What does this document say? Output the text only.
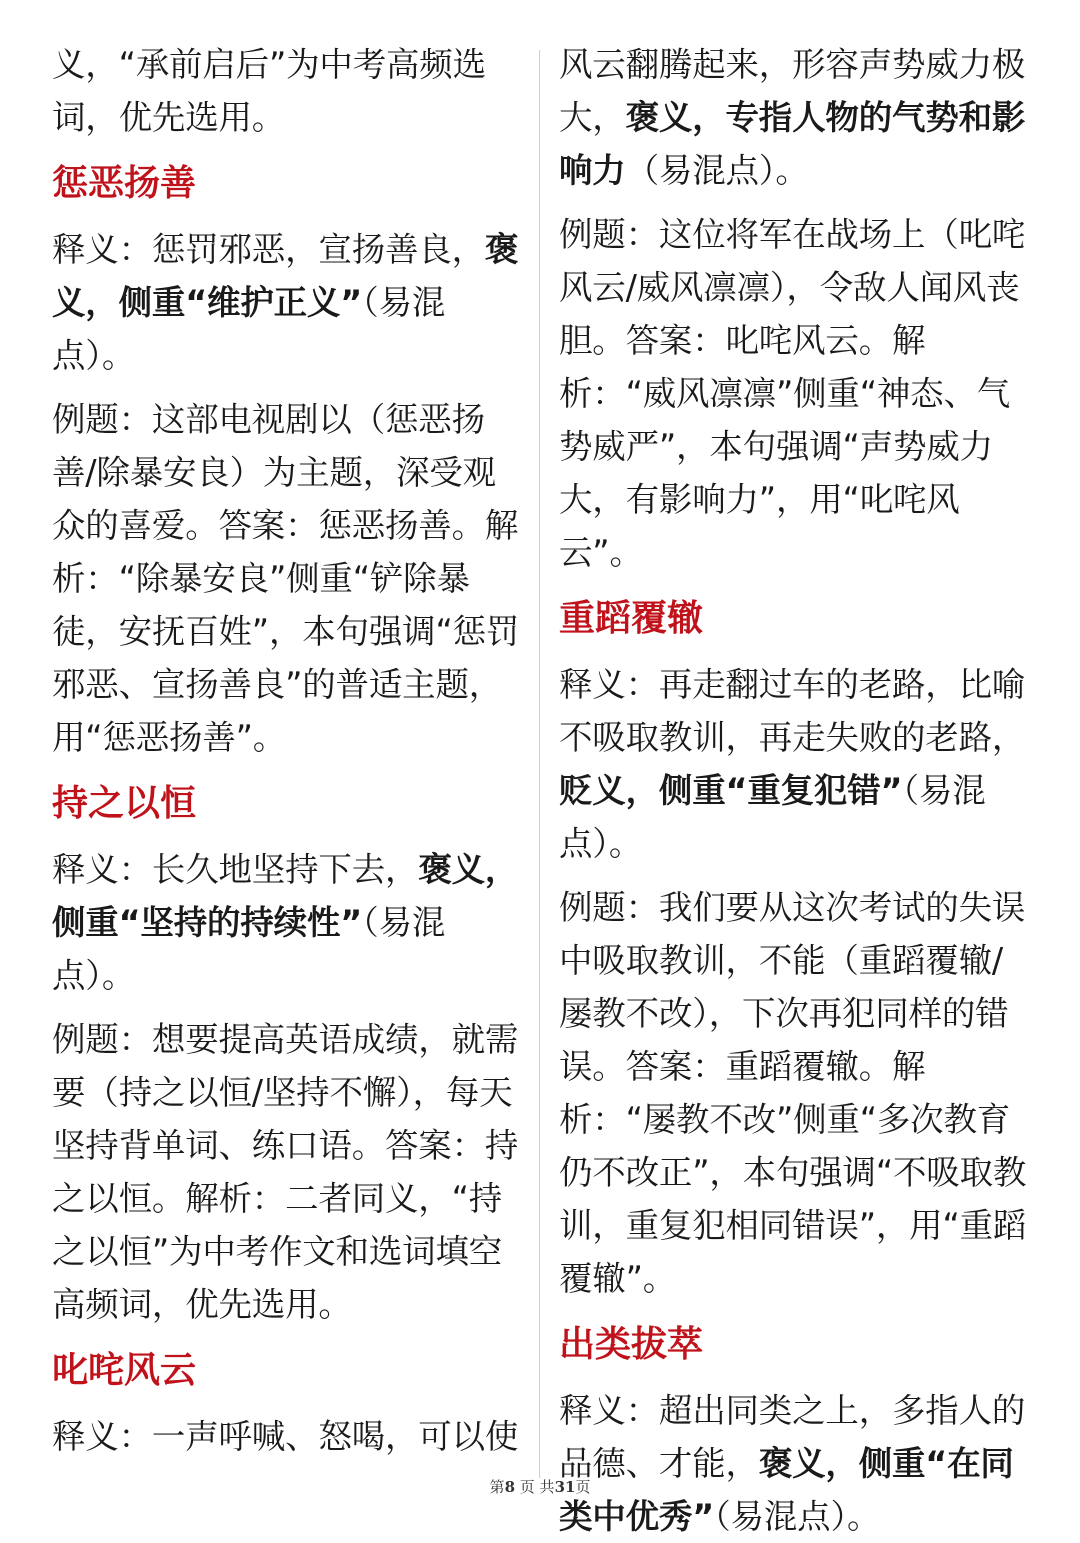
义，“承前启后”为中考高频选
词，优先选用。

惩恶扬善

释义：惩罚邪恶，宣扬善良，褒义，侧重“维护正义”（易混点）。

例题：这部电视剧以（惩恶扬善/除暴安良）为主题，深受观众的喜爱。答案：惩恶扬善。解析：“除暴安良”侧重“铲除暴徒，安抚百姓”，本句强调“惩罚邪恶、宣扬善良”的普适主题，用“惩恶扬善”。

持之以恒

释义：长久地坚持下去，褒义，侧重“坚持的持续性”（易混点）。

例题：想要提高英语成绩，就需要（持之以恒/坚持不懈），每天坚持背单词、练口语。答案：持之以恒。解析：二者同义，“持之以恒”为中考作文和选词填空高频词，优先选用。

叱咤风云

释义：一声呼喊、怒喝，可以使

风云翻腾起来，形容声势威力极大，褒义，专指人物的气势和影响力（易混点）。

例题：这位将军在战场上（叱咤风云/威风凛凛），令敌人闻风丧胆。答案：叱咤风云。解析：“威风凛凛”侧重“神态、气势威严”，本句强调“声势威力大，有影响力”，用“叱咤风云”。

重蹈覆辙

释义：再走翻过车的老路，比喻不吸取教训，再走失败的老路，贬义，侧重“重复犯错”（易混点）。

例题：我们要从这次考试的失误中吸取教训，不能（重蹈覆辙/屡教不改），下次再犯同样的错误。答案：重蹈覆辙。解析：“屡教不改”侧重“多次教育仍不改正”，本句强调“不吸取教训，重复犯相同错误”，用“重蹈覆辙”。

出类拔萃

释义：超出同类之上，多指人的品德、才能，褒义，侧重“在同类中优秀”（易混点）。

第8 页 共31页
